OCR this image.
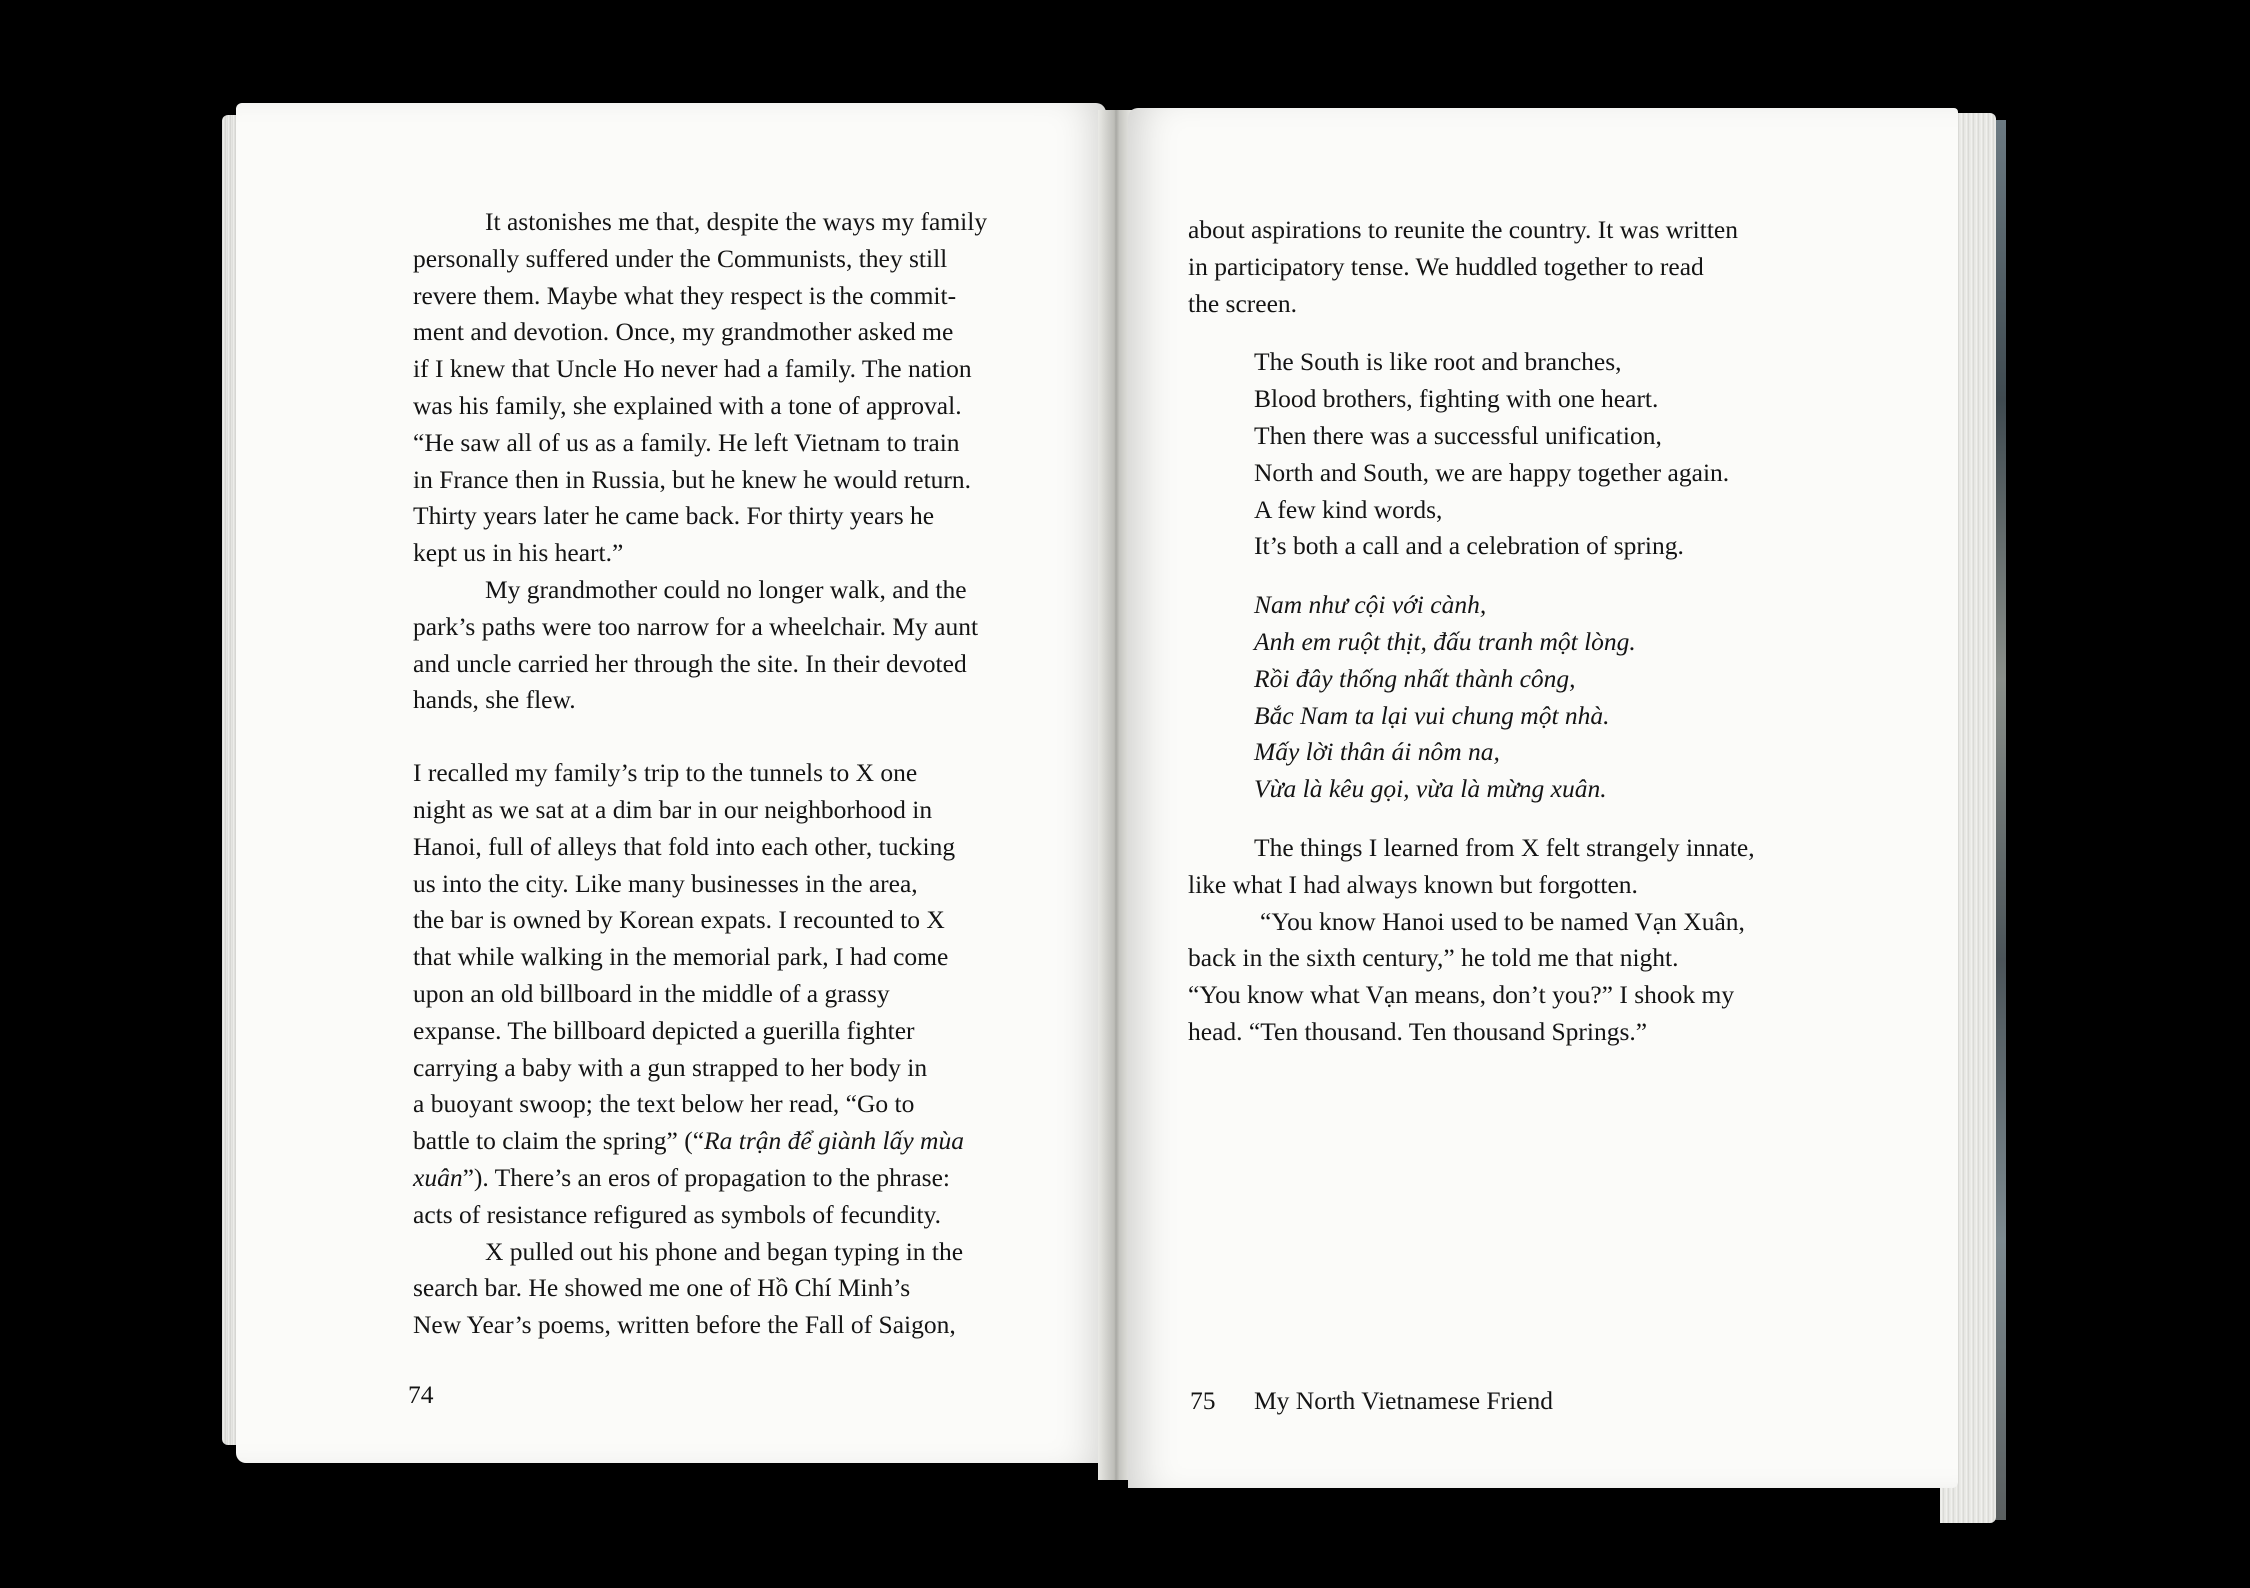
It astonishes me that, despite the ways my family
personally suffered under the Communists, they still
revere them. Maybe what they respect is the commit-
ment and devotion. Once, my grandmother asked me
if I knew that Uncle Ho never had a family. The nation
was his family, she explained with a tone of approval.
“He saw all of us as a family. He left Vietnam to train
in France then in Russia, but he knew he would return.
Thirty years later he came back. For thirty years he
kept us in his heart.”
My grandmother could no longer walk, and the
park’s paths were too narrow for a wheelchair. My aunt
and uncle carried her through the site. In their devoted
hands, she flew.
I recalled my family’s trip to the tunnels to X one
night as we sat at a dim bar in our neighborhood in
Hanoi, full of alleys that fold into each other, tucking
us into the city. Like many businesses in the area,
the bar is owned by Korean expats. I recounted to X
that while walking in the memorial park, I had come
upon an old billboard in the middle of a grassy
expanse. The billboard depicted a guerilla fighter
carrying a baby with a gun strapped to her body in
a buoyant swoop; the text below her read, “Go to
battle to claim the spring” (“Ra trận để giành lấy mùa
xuân”). There’s an eros of propagation to the phrase:
acts of resistance refigured as symbols of fecundity.
X pulled out his phone and began typing in the
search bar. He showed me one of Hồ Chí Minh’s
New Year’s poems, written before the Fall of Saigon,
74
about aspirations to reunite the country. It was written
in participatory tense. We huddled together to read
the screen.
The South is like root and branches,
Blood brothers, fighting with one heart.
Then there was a successful unification,
North and South, we are happy together again.
A few kind words,
It’s both a call and a celebration of spring.
Nam như cội với cành,
Anh em ruột thịt, đấu tranh một lòng.
Rồi đây thống nhất thành công,
Bắc Nam ta lại vui chung một nhà.
Mấy lời thân ái nôm na,
Vừa là kêu gọi, vừa là mừng xuân.
The things I learned from X felt strangely innate,
like what I had always known but forgotten.
“You know Hanoi used to be named Vạn Xuân,
back in the sixth century,” he told me that night.
“You know what Vạn means, don’t you?” I shook my
head. “Ten thousand. Ten thousand Springs.”
75 My North Vietnamese Friend
